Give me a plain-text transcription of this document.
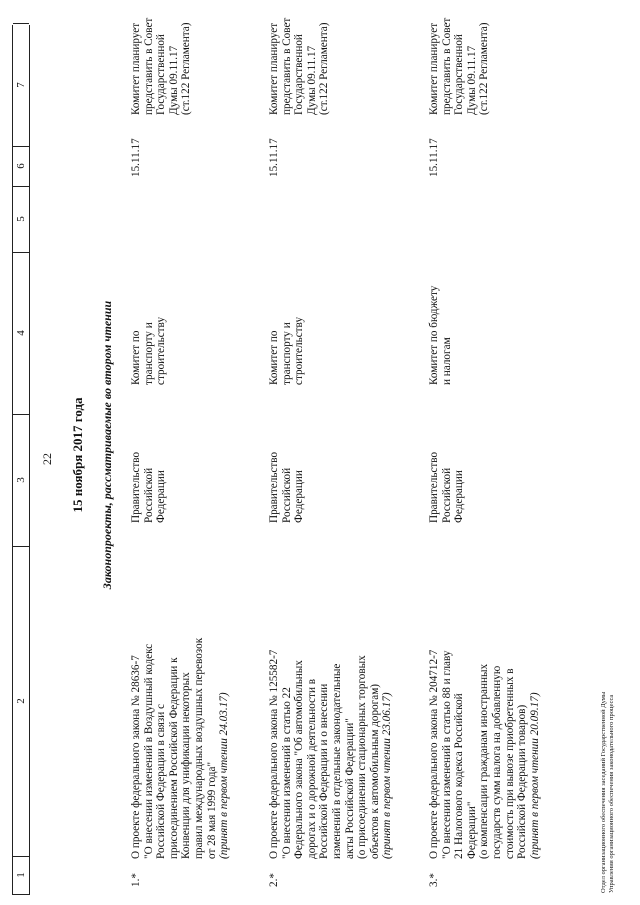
1
2
3
4
5
6
7
22 15 ноября 2017 года Законопроекты, рассматриваемые во втором чтении
1.*
О проекте федерального закона № 28636-7 "О внесении изменений в Воздушный кодекс Российской Федерации в связи с присоединением Российской Федерации к Конвенции для унификации некоторых правил международных воздушных перевозок от 28 мая 1999 года" (принят в первом чтении 24.03.17)
Правительство Российской Федерации
Комитет по транспорту и строительству
15.11.17
Комитет планирует представить в Совет Государственной Думы 09.11.17 (ст.122 Регламента)
2.*
О проекте федерального закона № 125582-7 "О внесении изменений в статью 22 Федерального закона "Об автомобильных дорогах и о дорожной деятельности в Российской Федерации и о внесении изменений в отдельные законодательные акты Российской Федерации" (о присоединении стационарных торговых объектов к автомобильным дорогам) (принят в первом чтении 23.06.17)
Правительство Российской Федерации
Комитет по транспорту и строительству
15.11.17
Комитет планирует представить в Совет Государственной Думы 09.11.17 (ст.122 Регламента)
3.*
О проекте федерального закона № 204712-7 "О внесении изменений в статью 88 и главу 21 Налогового кодекса Российской Федерации" (о компенсации гражданам иностранных государств сумм налога на добавленную стоимость при вывозе приобретенных в Российской Федерации товаров) (принят в первом чтении 20.09.17)
Правительство Российской Федерации
Комитет по бюджету и налогам
15.11.17
Комитет планирует представить в Совет Государственной Думы 09.11.17 (ст.122 Регламента)
Отдел организационного обеспечения заседаний Государственной Думы Управления организационного обеспечения законодательного процесса
